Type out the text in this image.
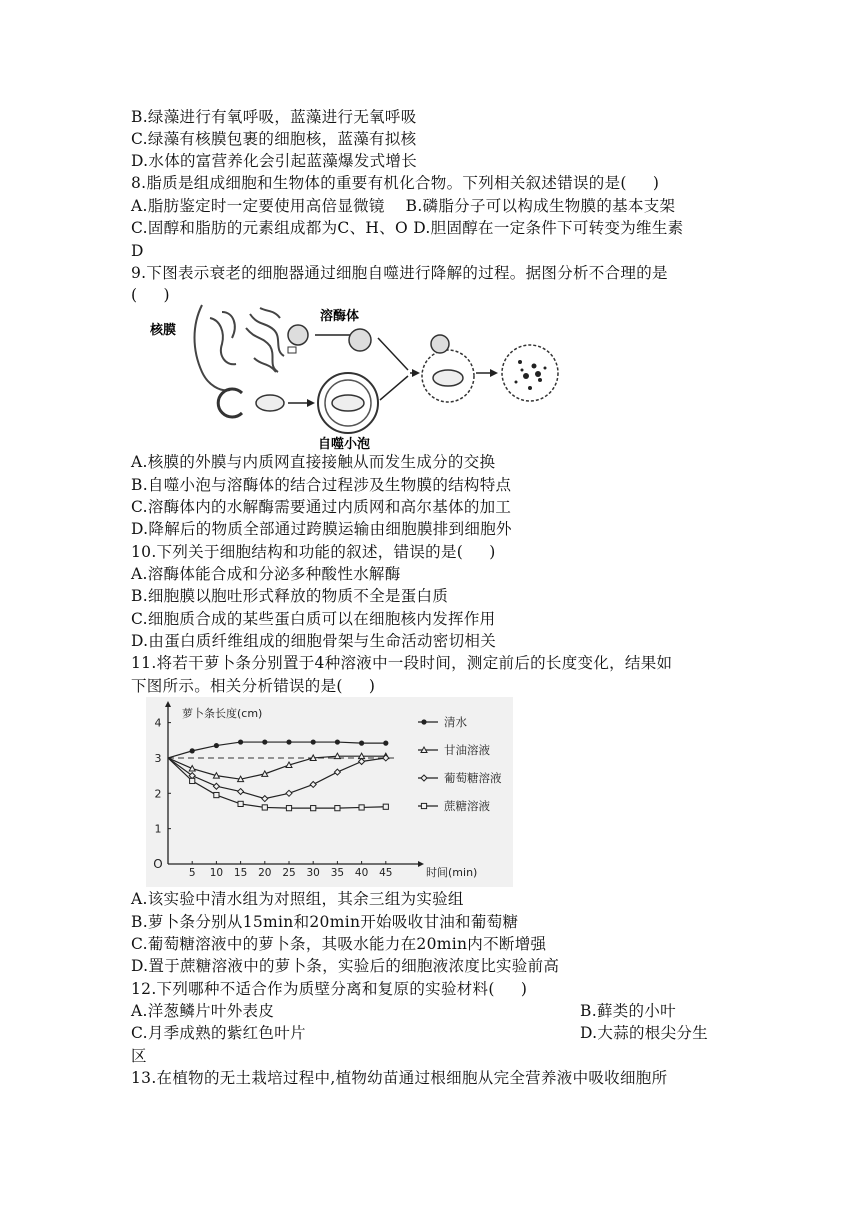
B.绿藻进行有氧呼吸，蓝藻进行无氧呼吸
C.绿藻有核膜包裹的细胞核，蓝藻有拟核
D.水体的富营养化会引起蓝藻爆发式增长
8.脂质是组成细胞和生物体的重要有机化合物。下列相关叙述错误的是(     )
A.脂肪鉴定时一定要使用高倍显微镜    B.磷脂分子可以构成生物膜的基本支架
C.固醇和脂肪的元素组成都为C、H、O D.胆固醇在一定条件下可转变为维生素
D
9.下图表示衰老的细胞器通过细胞自噬进行降解的过程。据图分析不合理的是
(     )
核膜
溶酶体
自噬小泡
A.核膜的外膜与内质网直接接触从而发生成分的交换
B.自噬小泡与溶酶体的结合过程涉及生物膜的结构特点
C.溶酶体内的水解酶需要通过内质网和高尔基体的加工
D.降解后的物质全部通过跨膜运输由细胞膜排到细胞外
10.下列关于细胞结构和功能的叙述，错误的是(     )
A.溶酶体能合成和分泌多种酸性水解酶
B.细胞膜以胞吐形式释放的物质不全是蛋白质
C.细胞质合成的某些蛋白质可以在细胞核内发挥作用
D.由蛋白质纤维组成的细胞骨架与生命活动密切相关
11.将若干萝卜条分别置于4种溶液中一段时间，测定前后的长度变化，结果如
下图所示。相关分析错误的是(     )
萝卜条长度(cm)
时间(min)
O
5 10 15 20 25 30 35 40 45
1
2
3
4	清水
甘油溶液
葡萄糖溶液
蔗糖溶液
A.该实验中清水组为对照组，其余三组为实验组
B.萝卜条分别从15min和20min开始吸收甘油和葡萄糖
C.葡萄糖溶液中的萝卜条，其吸水能力在20min内不断增强
D.置于蔗糖溶液中的萝卜条，实验后的细胞液浓度比实验前高
12.下列哪种不适合作为质壁分离和复原的实验材料(     )
A.洋葱鳞片叶外表皮	B.藓类的小叶
C.月季成熟的紫红色叶片	D.大蒜的根尖分生
区
13.在植物的无土栽培过程中,植物幼苗通过根细胞从完全营养液中吸收细胞所
